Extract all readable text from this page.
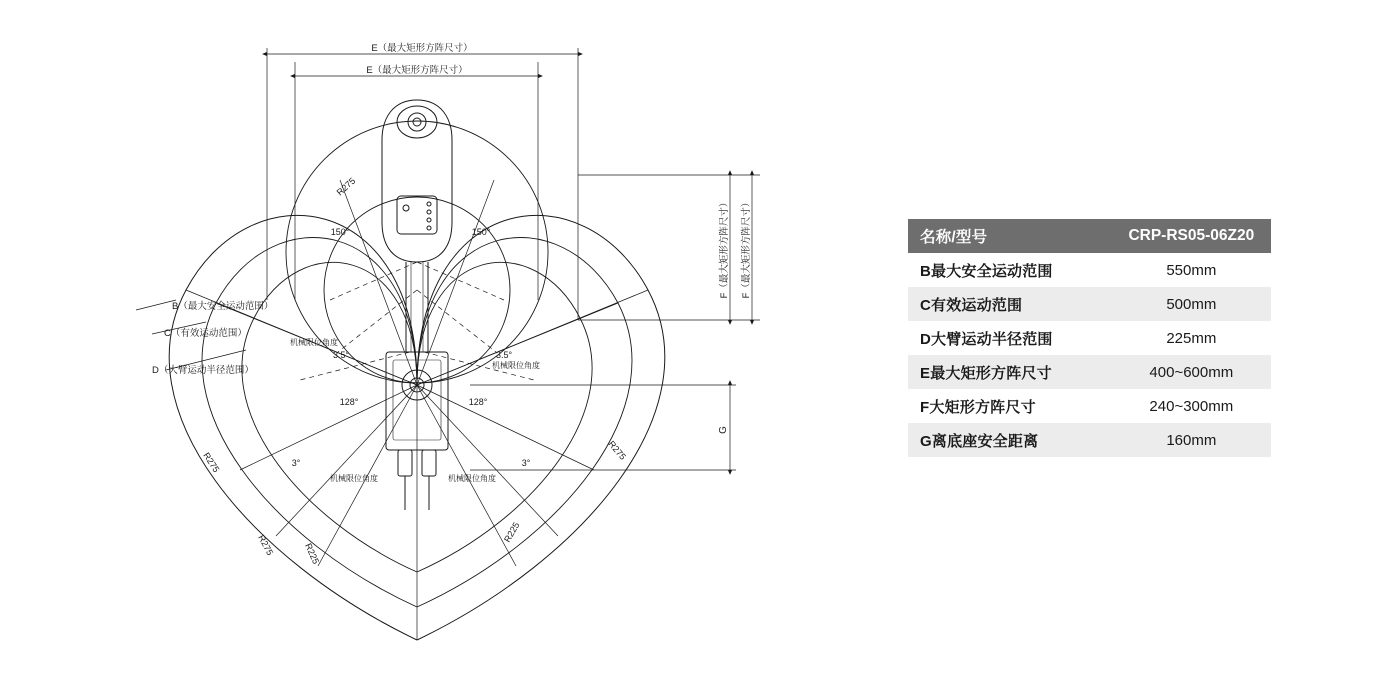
E（最大矩形方阵尺寸）
E（最大矩形方阵尺寸）
F（最大矩形方阵尺寸）
F（最大矩形方阵尺寸）
G
B（最大安全运动范围）
C（有效运动范围）
D（大臂运动半径范围）
R275
R275
R275
R275	R225
R225
150°	150°
3.5°	3.5°
128°	128°
3°	3°
机械限位角度
机械限位角度
机械限位角度	机械限位角度
名称/型号	CRP-RS05-06Z20
B最大安全运动范围	550mm
C有效运动范围	500mm
D大臂运动半径范围	225mm
E最大矩形方阵尺寸	400~600mm
F大矩形方阵尺寸	240~300mm
G离底座安全距离	160mm
